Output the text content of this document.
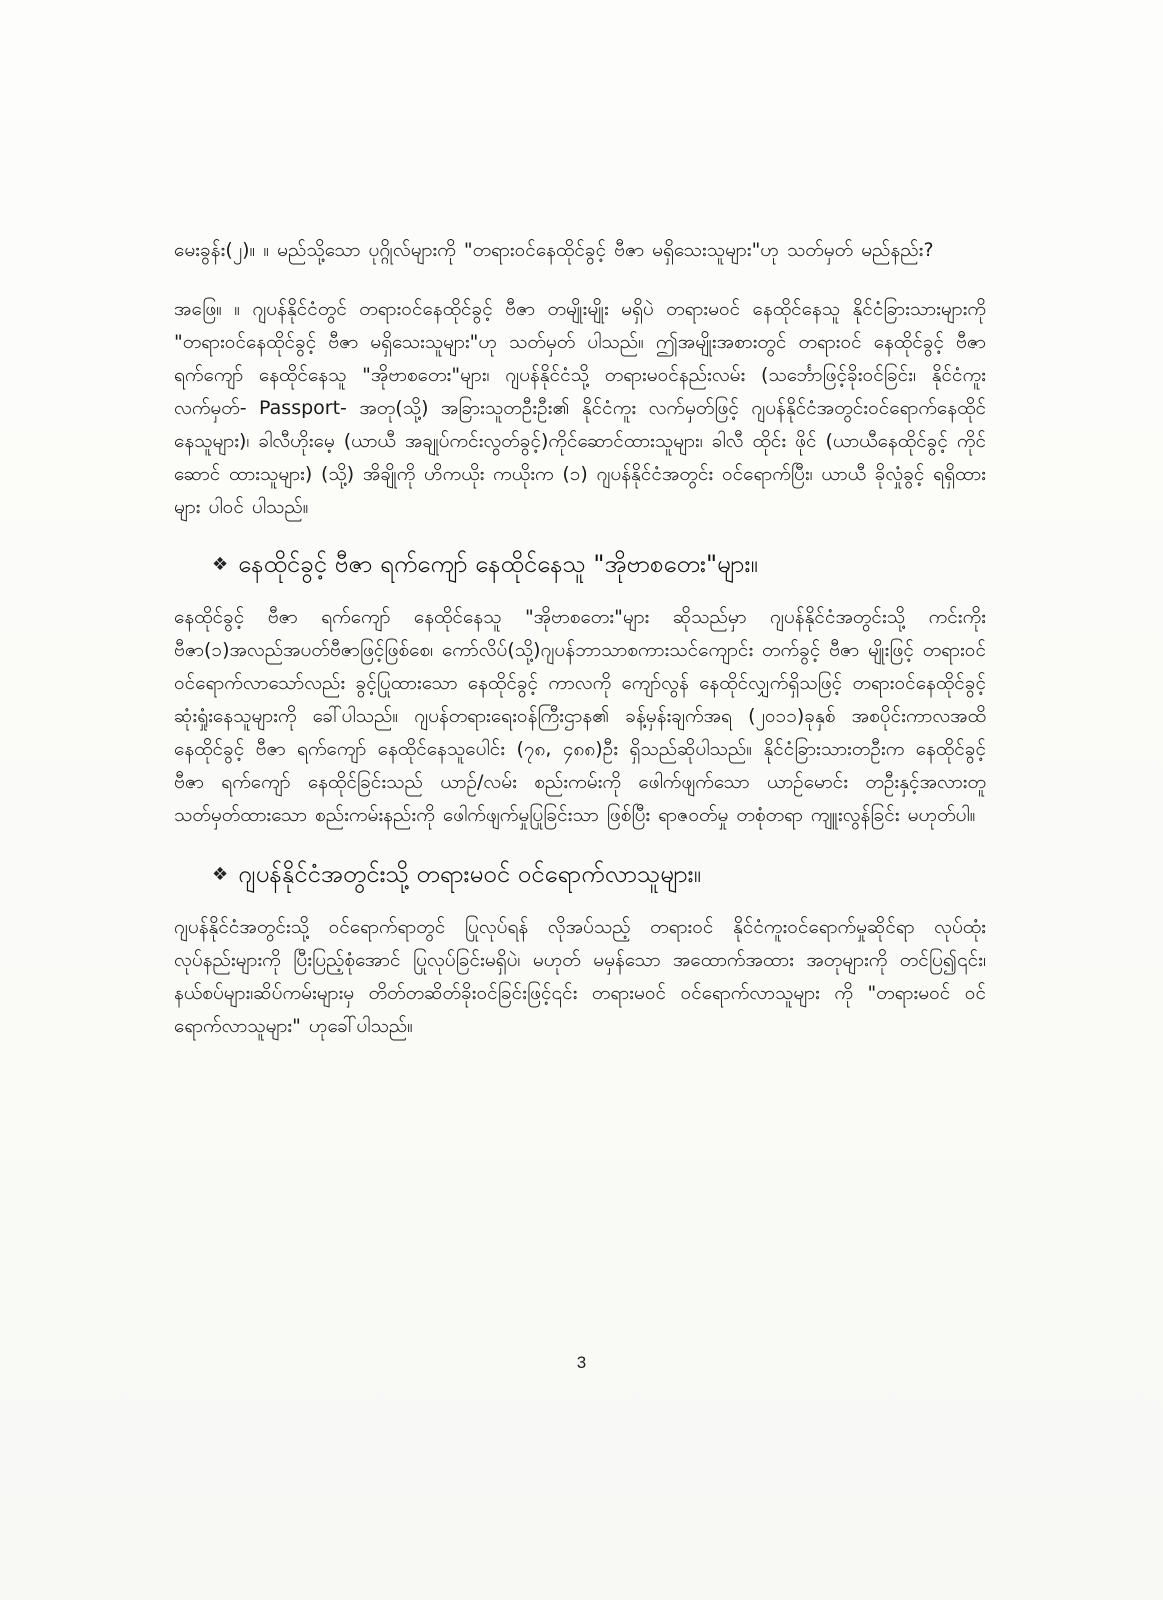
မေးခွန်း(၂)။ ။ မည်သို့သော ပုဂ္ဂိုလ်များကို "တရားဝင်နေထိုင်ခွင့် ဗီဇာ မရှိသေးသူများ"ဟု သတ်မှတ် မည်နည်း?

အဖြေ။ ။ ဂျပန်နိုင်ငံတွင် တရားဝင်နေထိုင်ခွင့် ဗီဇာ တမျိုးမျိုး မရှိပဲ တရားမဝင် နေထိုင်နေသူ နိုင်ငံခြားသားများကို "တရားဝင်နေထိုင်ခွင့် ဗီဇာ မရှိသေးသူများ"ဟု သတ်မှတ် ပါသည်။ ဤအမျိုးအစားတွင် တရားဝင် နေထိုင်ခွင့် ဗီဇာ ရက်ကျော် နေထိုင်နေသူ "အိုဗာစတေး"များ၊ ဂျပန်နိုင်ငံသို့ တရားမဝင်နည်းလမ်း (သင်္ဘောဖြင့်ခိုးဝင်ခြင်း၊ နိုင်ငံကူး လက်မှတ်- Passport- အတု(သို့) အခြားသူတဦးဦး၏ နိုင်ငံကူး လက်မှတ်ဖြင့် ဂျပန်နိုင်ငံအတွင်းဝင်ရောက်နေထိုင် နေသူများ)၊ ခါလီဟိုးမေ့ (ယာယီ အချုပ်ကင်းလွတ်ခွင့်)ကိုင်ဆောင်ထားသူများ၊ ခါလီ ထိုင်း ဖိုင် (ယာယီနေထိုင်ခွင့် ကိုင်ဆောင် ထားသူများ) (သို့) အိချိုကို ဟိကယိုး ကယိုးက (၁) ဂျပန်နိုင်ငံအတွင်း ဝင်ရောက်ပြီး၊ ယာယီ ခိုလှုံခွင့် ရရှိထားများ ပါဝင် ပါသည်။

❖ နေထိုင်ခွင့် ဗီဇာ ရက်ကျော် နေထိုင်နေသူ "အိုဗာစတေး"များ။

နေထိုင်ခွင့် ဗီဇာ ရက်ကျော် နေထိုင်နေသူ "အိုဗာစတေး"များ ဆိုသည်မှာ ဂျပန်နိုင်ငံအတွင်းသို့ ကင်းကိုးဗီဇာ(၁)အလည်အပတ်ဗီဇာဖြင့်ဖြစ်စေ၊ ကော်လိပ်(သို့)ဂျပန်ဘာသာစကားသင်ကျောင်း တက်ခွင့် ဗီဇာ မျိုးဖြင့် တရားဝင် ဝင်ရောက်လာသော်လည်း ခွင့်ပြုထားသော နေထိုင်ခွင့် ကာလကို ကျော်လွန် နေထိုင်လျှက်ရှိသဖြင့် တရားဝင်နေထိုင်ခွင့် ဆုံးရှုံးနေသူများကို ခေါ်ပါသည်။ ဂျပန်တရားရေးဝန်ကြီးဌာန၏ ခန့်မှန်းချက်အရ (၂၀၁၁)ခုနှစ် အစပိုင်းကာလအထိ နေထိုင်ခွင့် ဗီဇာ ရက်ကျော် နေထိုင်နေသူပေါင်း (၇၈, ၄၈၈)ဦး ရှိသည်ဆိုပါသည်။ နိုင်ငံခြားသားတဦးက နေထိုင်ခွင့် ဗီဇာ ရက်ကျော် နေထိုင်ခြင်းသည် ယာဉ်/လမ်း စည်းကမ်းကို ဖေါက်ဖျက်သော ယာဉ်မောင်း တဦးနှင့်အလားတူ သတ်မှတ်ထားသော စည်းကမ်းနည်းကို ဖေါက်ဖျက်မှုပြုခြင်းသာ ဖြစ်ပြီး ရာဇဝတ်မှု တစုံတရာ ကျူးလွန်ခြင်း မဟုတ်ပါ။

❖ ဂျပန်နိုင်ငံအတွင်းသို့ တရားမဝင် ဝင်ရောက်လာသူများ။

ဂျပန်နိုင်ငံအတွင်းသို့ ဝင်ရောက်ရာတွင် ပြုလုပ်ရန် လိုအပ်သည့် တရားဝင် နိုင်ငံကူးဝင်ရောက်မှုဆိုင်ရာ လုပ်ထုံး လုပ်နည်းများကို ပြီးပြည့်စုံအောင် ပြုလုပ်ခြင်းမရှိပဲ၊ မဟုတ် မမှန်သော အထောက်အထား အတုများကို တင်ပြ၍၎င်း၊ နယ်စပ်များ၊ဆိပ်ကမ်းများမှ တိတ်တဆိတ်ခိုးဝင်ခြင်းဖြင့်၎င်း တရားမဝင် ဝင်ရောက်လာသူများ ကို "တရားမဝင် ဝင်ရောက်လာသူများ" ဟုခေါ်ပါသည်။

3
